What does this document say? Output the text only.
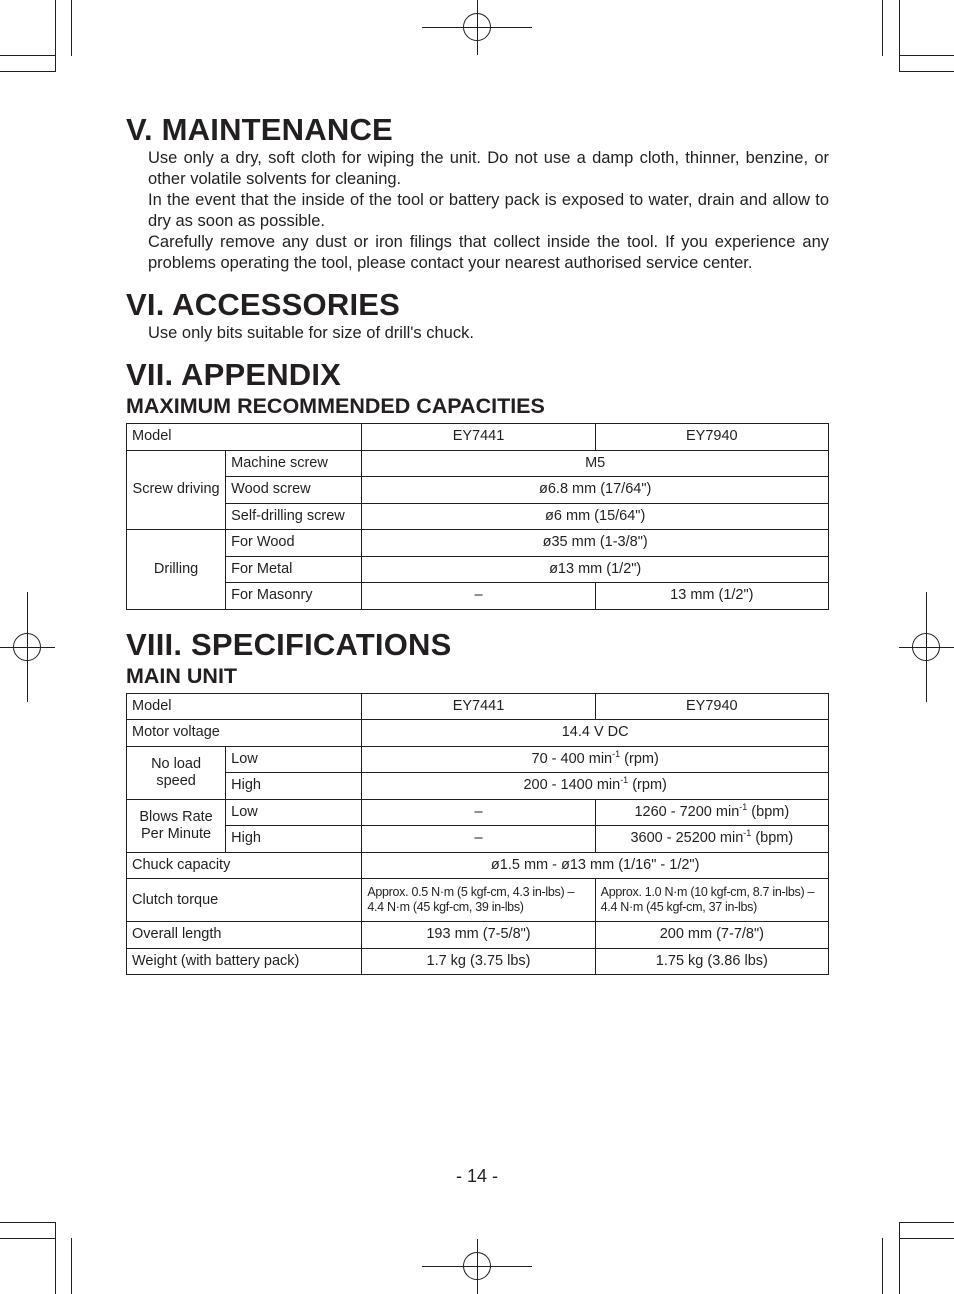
V. MAINTENANCE

Use only a dry, soft cloth for wiping the unit. Do not use a damp cloth, thinner, benzine, or other volatile solvents for cleaning.

In the event that the inside of the tool or battery pack is exposed to water, drain and allow to dry as soon as possible.

Carefully remove any dust or iron filings that collect inside the tool. If you experience any problems operating the tool, please contact your nearest authorised service center.

VI. ACCESSORIES

Use only bits suitable for size of drill's chuck.

VII. APPENDIX
MAXIMUM RECOMMENDED CAPACITIES
Model		EY7441	EY7940
Screw driving	Machine screw	M5	
	Wood screw	ø6.8 mm (17/64")	
	Self-drilling screw	ø6 mm (15/64")	
Drilling	For Wood	ø35 mm (1-3/8")	
	For Metal	ø13 mm (1/2")	
	For Masonry	–	13 mm (1/2")
VIII. SPECIFICATIONS
MAIN UNIT
Model		EY7441	EY7940
Motor voltage		14.4 V DC	
No load speed	Low	70 - 400 $\min^{-1} (rpm)$	
	High	200 - 1400 $\min^{-1} (rpm)$	
Blows Rate Per Minute	Low	–	1260 - 7200 $\min^{-1} (bpm)$
	High	–	3600 - 25200 $\min^{-1} (bpm)$
Chuck capacity		ø1.5 mm - ø13 mm (1/16" - 1/2")	
Clutch torque		Approx. 0.5 N·m (5 kgf-cm, 4.3 in-lbs) – 4.4 N·m (45 kgf-cm, 39 in-lbs)	Approx. 1.0 N·m (10 kgf-cm, 8.7 in-lbs) – 4.4 N·m (45 kgf-cm, 37 in-lbs)
Overall length		193 mm (7-5/8")	200 mm (7-7/8")
Weight (with battery pack)		1.7 kg (3.75 lbs)	1.75 kg (3.86 lbs)
- 14 -
